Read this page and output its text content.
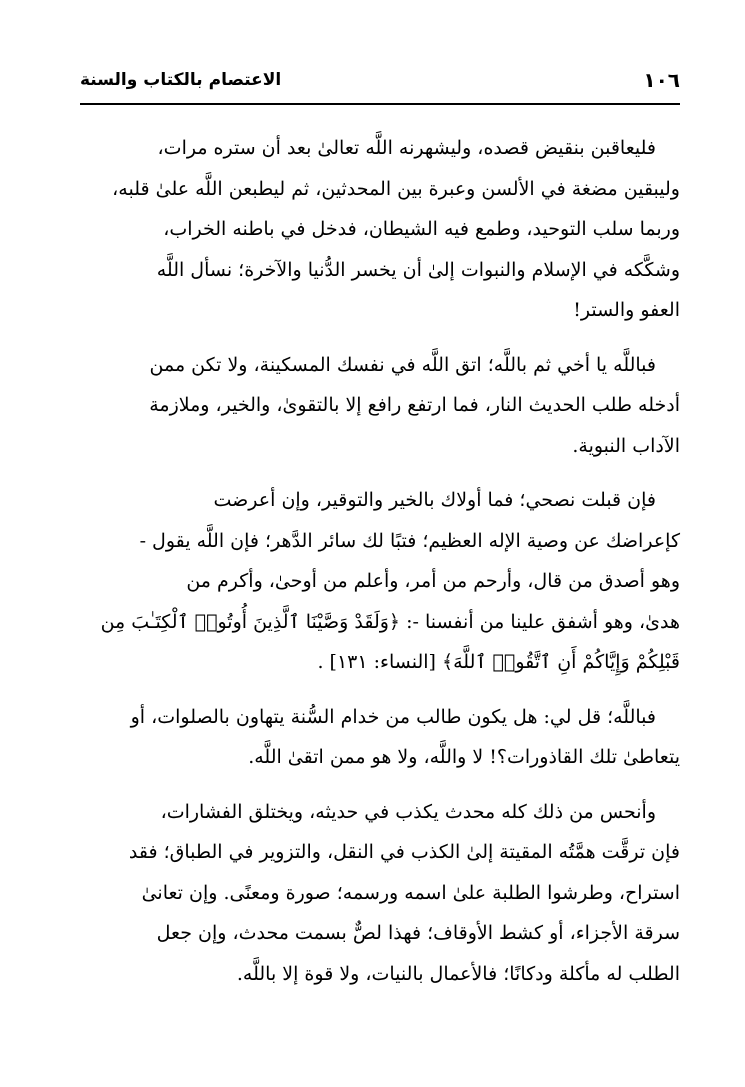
١٠٦
الاعتصام بالكتاب والسنة

فليعاقبن بنقيض قصده، وليشهرنه اللَّه تعالىٰ بعد أن ستره مرات،
وليبقين مضغة في الألسن وعبرة بين المحدثين، ثم ليطبعن اللَّه علىٰ قلبه،
وربما سلب التوحيد، وطمع فيه الشيطان، فدخل في باطنه الخراب،
وشكَّكه في الإسلام والنبوات إلىٰ أن يخسر الدُّنيا والآخرة؛ نسأل اللَّه
العفو والستر!

فباللَّه يا أخي ثم باللَّه؛ اتق اللَّه في نفسك المسكينة، ولا تكن ممن
أدخله طلب الحديث النار، فما ارتفع رافع إلا بالتقوىٰ، والخير، وملازمة
الآداب النبوية.

فإن قبلت نصحي؛ فما أولاك بالخير والتوقير، وإن أعرضت
كإعراضك عن وصية الإله العظيم؛ فتبًا لك سائر الدَّهر؛ فإن اللَّه يقول -
وهو أصدق من قال، وأرحم من أمر، وأعلم من أوحىٰ، وأكرم من
هدىٰ، وهو أشفق علينا من أنفسنا -: ﴿وَلَقَدْ وَصَّيْنَا ٱلَّذِينَ أُوتُوا۟ ٱلْكِتَـٰبَ مِن
قَبْلِكُمْ وَإِيَّاكُمْ أَنِ ٱتَّقُوا۟ ٱللَّهَ﴾ [النساء: ١٣١] .

فباللَّه؛ قل لي: هل يكون طالب من خدام السُّنة يتهاون بالصلوات، أو
يتعاطىٰ تلك القاذورات؟! لا واللَّه، ولا هو ممن اتقىٰ اللَّه.

وأنحس من ذلك كله محدث يكذب في حديثه، ويختلق الفشارات،
فإن ترقَّت همَّتُه المقيتة إلىٰ الكذب في النقل، والتزوير في الطباق؛ فقد
استراح، وطرشوا الطلبة علىٰ اسمه ورسمه؛ صورة ومعنًى. وإن تعانىٰ
سرقة الأجزاء، أو كشط الأوقاف؛ فهذا لصٌّ بسمت محدث، وإن جعل
الطلب له مأكلة ودكانًا؛ فالأعمال بالنيات، ولا قوة إلا باللَّه.
